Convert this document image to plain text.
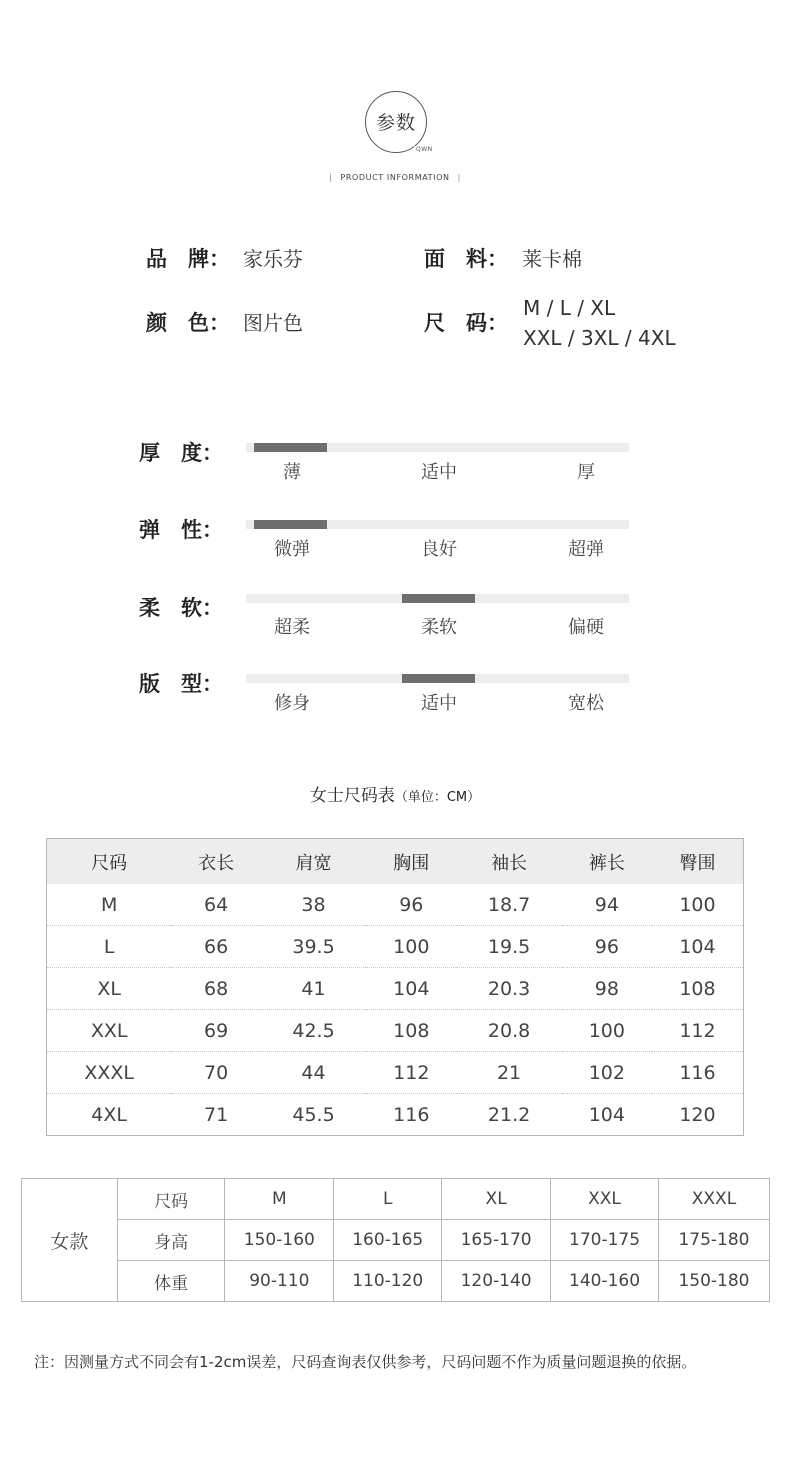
参数
QWN
| PRODUCT INFORMATION |
品　牌： 家乐芬	面　料： 莱卡棉
颜　色： 图片色	尺　码：
M / L / XL
XXL / 3XL / 4XL
厚　度：
薄	适中	厚
弹　性：
微弹	良好	超弹
柔　软：
超柔	柔软	偏硬
版　型：
修身	适中	宽松
女士尺码表（单位：CM）
尺码	衣长	肩宽	胸围	袖长	裤长	臀围
M	64	38	96	18.7	94	100
L	66	39.5	100	19.5	96	104
XL	68	41	104	20.3	98	108
XXL	69	42.5	108	20.8	100	112
XXXL	70	44	112	21	102	116
4XL	71	45.5	116	21.2	104	120
女款	尺码	M	L	XL	XXL	XXXL
	身高	150-160	160-165	165-170	170-175	175-180
	体重	90-110	110-120	120-140	140-160	150-180
注：因测量方式不同会有1-2cm误差，尺码查询表仅供参考，尺码问题不作为质量问题退换的依据。
